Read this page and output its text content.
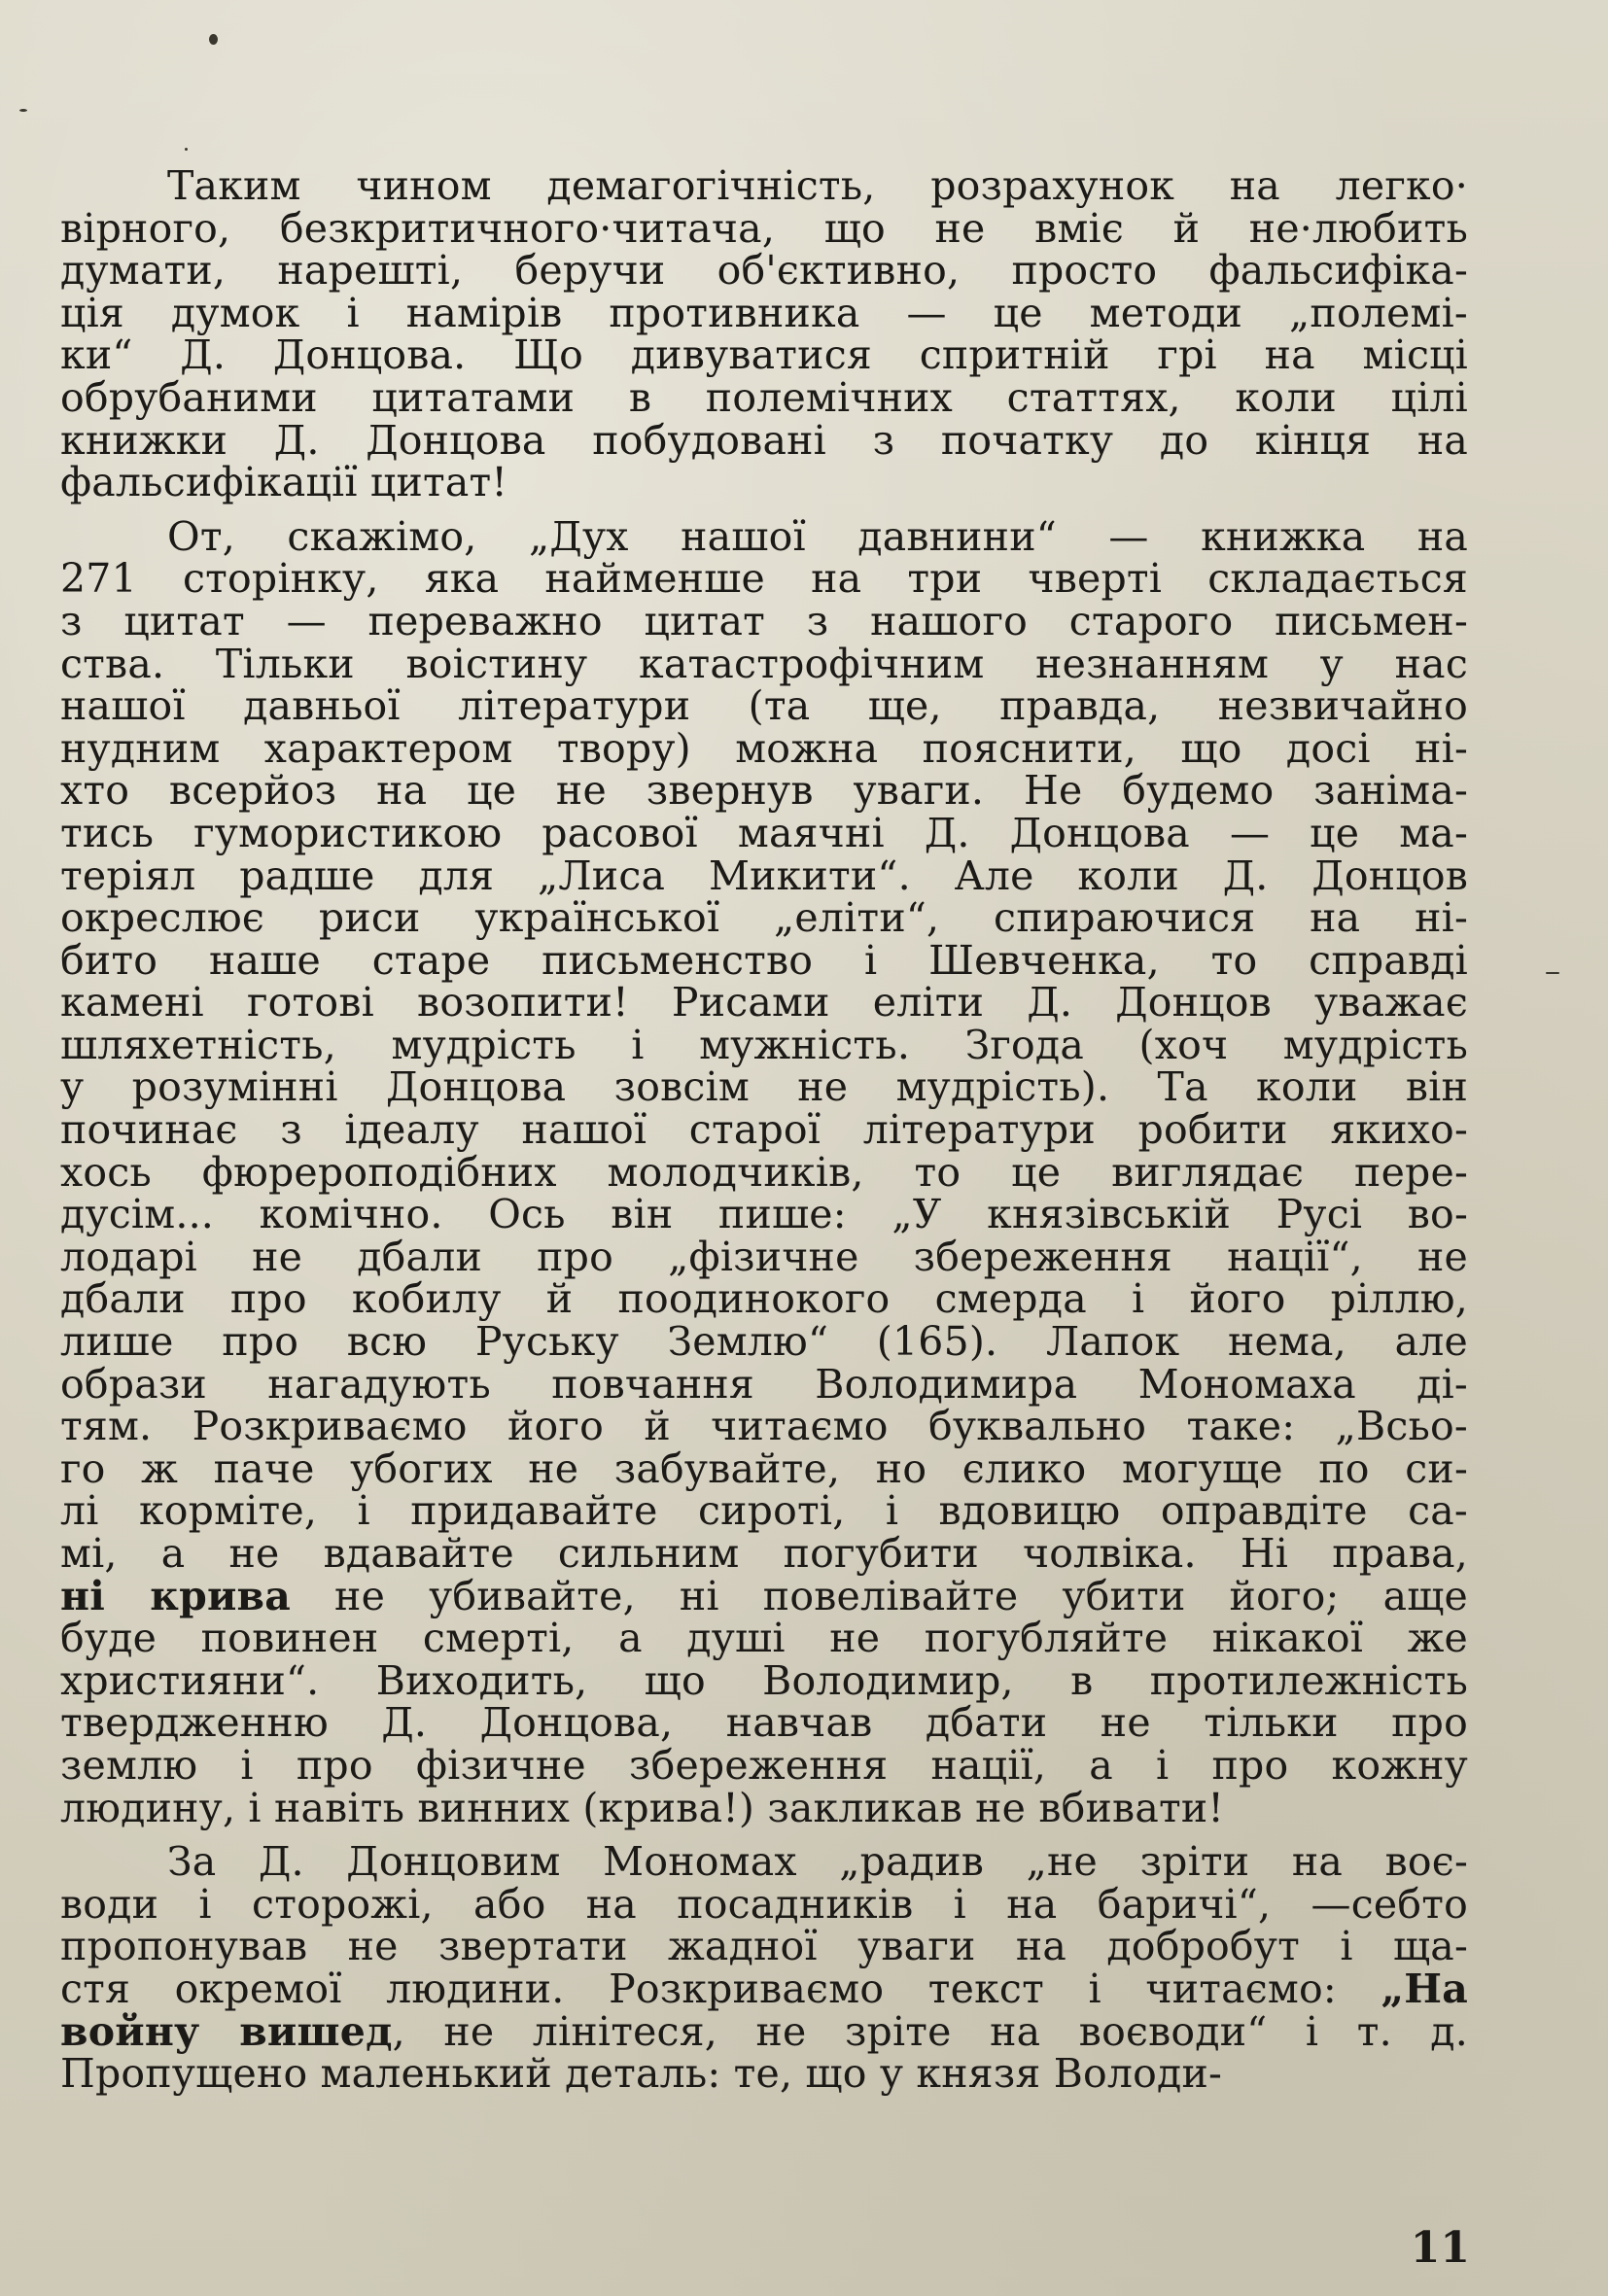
Таким чином демагогічність, розрахунок на легко·
вірного, безкритичного·читача, що не вміє й не·любить
думати, нарешті, беручи об'єктивно, просто фальсифіка-
ція думок і намірів противника — це методи „полемі-
ки“ Д. Донцова. Що дивуватися спритній грі на місці
обрубаними цитатами в полемічних статтях, коли цілі
книжки Д. Донцова побудовані з початку до кінця на
фальсифікації цитат!
От, скажімо, „Дух нашої давнини“ — книжка на
271 сторінку, яка найменше на три чверті складається
з цитат — переважно цитат з нашого старого письмен-
ства. Тільки воістину катастрофічним незнанням у нас
нашої давньої літератури (та ще, правда, незвичайно
нудним характером твору) можна пояснити, що досі ні-
хто всерйоз на це не звернув уваги. Не будемо заніма-
тись гумористикою расової маячні Д. Донцова — це ма-
теріял радше для „Лиса Микити“. Але коли Д. Донцов
окреслює риси української „еліти“, спираючися на ні-
бито наше старе письменство і Шевченка, то справді
камені готові возопити! Рисами еліти Д. Донцов уважає
шляхетність, мудрість і мужність. Згода (хоч мудрість
у розумінні Донцова зовсім не мудрість). Та коли він
починає з ідеалу нашої старої літератури робити якихо-
хось фюрероподібних молодчиків, то це виглядає пере-
дусім... комічно. Ось він пише: „У князівській Русі во-
лодарі не дбали про „фізичне збереження нації“, не
дбали про кобилу й поодинокого смерда і його ріллю,
лише про всю Руську Землю“ (165). Лапок нема, але
образи нагадують повчання Володимира Мономаха ді-
тям. Розкриваємо його й читаємо буквально таке: „Всьо-
го ж паче убогих не забувайте, но єлико могуще по си-
лі корміте, і придавайте сироті, і вдовицю оправдіте са-
мі, а не вдавайте сильним погубити чолвіка. Ні права,
ні крива не убивайте, ні повелівайте убити його; аще
буде повинен смерті, а душі не погубляйте нікакої же
християни“. Виходить, що Володимир, в протилежність
твердженню Д. Донцова, навчав дбати не тільки про
землю і про фізичне збереження нації, а і про кожну
людину, і навіть винних (крива!) закликав не вбивати!
За Д. Донцовим Мономах „радив „не зріти на воє-
води і сторожі, або на посадників і на баричі“, —себто
пропонував не звертати жадної уваги на добробут і ща-
стя окремої людини. Розкриваємо текст і читаємо: „На
войну вишед, не лінітеся, не зріте на воєводи“ і т. д.
Пропущено маленький деталь: те, що у князя Володи-
11
